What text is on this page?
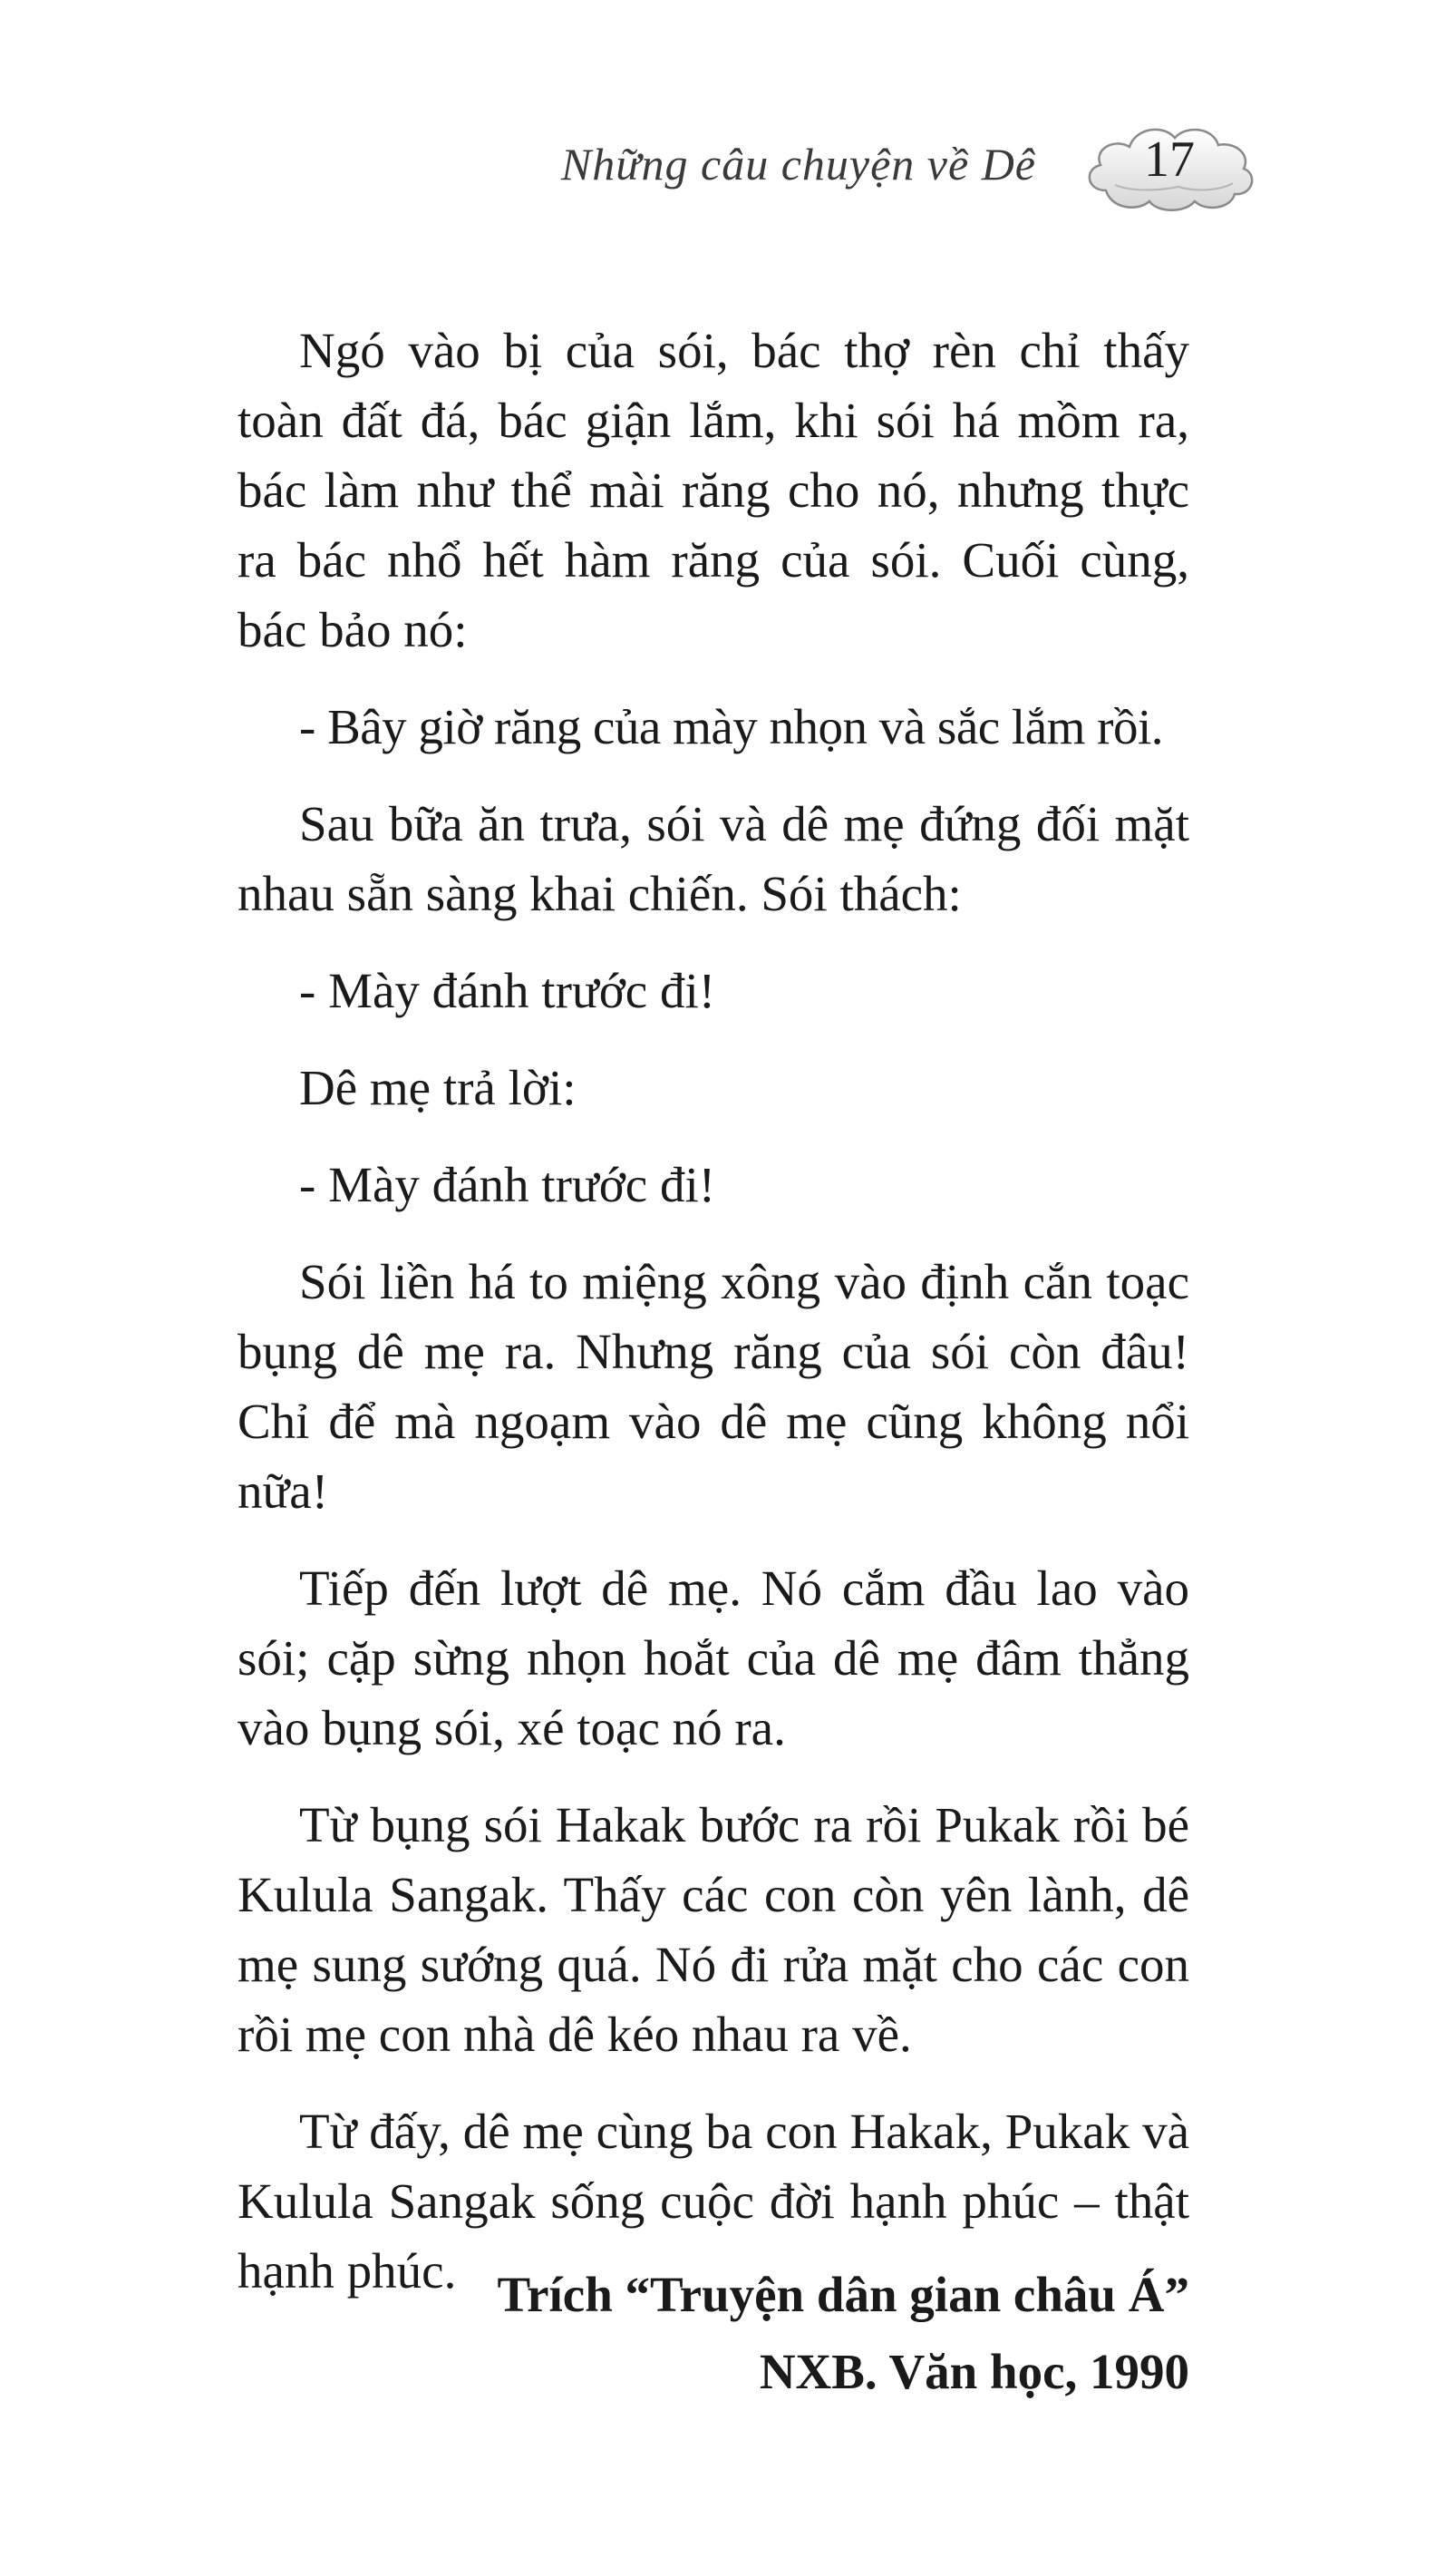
Những câu chuyện về Dê	17

Ngó vào bị của sói, bác thợ rèn chỉ thấy toàn đất đá, bác giận lắm, khi sói há mồm ra, bác làm như thể mài răng cho nó, nhưng thực ra bác nhổ hết hàm răng của sói. Cuối cùng, bác bảo nó:

- Bây giờ răng của mày nhọn và sắc lắm rồi.

Sau bữa ăn trưa, sói và dê mẹ đứng đối mặt nhau sẵn sàng khai chiến. Sói thách:

- Mày đánh trước đi!

Dê mẹ trả lời:

- Mày đánh trước đi!

Sói liền há to miệng xông vào định cắn toạc bụng dê mẹ ra. Nhưng răng của sói còn đâu! Chỉ để mà ngoạm vào dê mẹ cũng không nổi nữa!

Tiếp đến lượt dê mẹ. Nó cắm đầu lao vào sói; cặp sừng nhọn hoắt của dê mẹ đâm thẳng vào bụng sói, xé toạc nó ra.

Từ bụng sói Hakak bước ra rồi Pukak rồi bé Kulula Sangak. Thấy các con còn yên lành, dê mẹ sung sướng quá. Nó đi rửa mặt cho các con rồi mẹ con nhà dê kéo nhau ra về.

Từ đấy, dê mẹ cùng ba con Hakak, Pukak và Kulula Sangak sống cuộc đời hạnh phúc – thật hạnh phúc. Trích “Truyện dân gian châu Á”
NXB. Văn học, 1990
